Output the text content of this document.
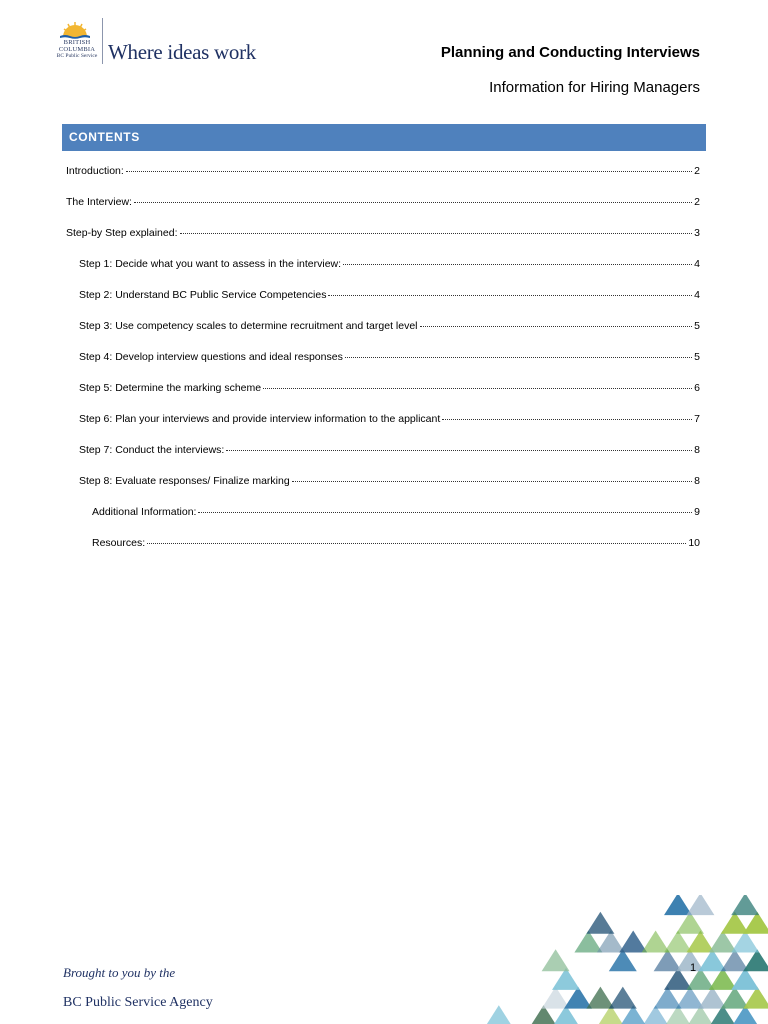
BRITISH
COLUMBIA
BC Public Service Where ideas work	Planning and Conducting Interviews
Information for Hiring Managers
CONTENTS
Introduction:	2
The Interview:	2
Step-by Step explained:	3
Step 1: Decide what you want to assess in the interview:	4
Step 2: Understand BC Public Service Competencies	4
Step 3: Use competency scales to determine recruitment and target level	5
Step 4: Develop interview questions and ideal responses	5
Step 5: Determine the marking scheme	6
Step 6: Plan your interviews and provide interview information to the applicant	7
Step 7: Conduct the interviews:	8
Step 8: Evaluate responses/ Finalize marking	8
Additional Information:	9
Resources:	10
Brought to you by the
BC Public Service Agency
1
